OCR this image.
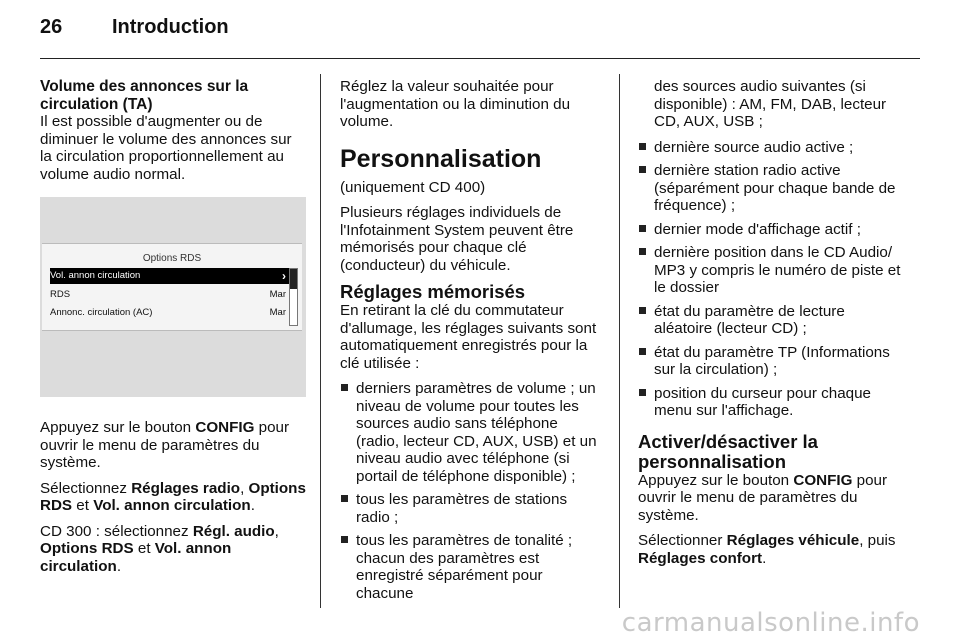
26 Introduction
Volume des annonces sur la circulation (TA)

Il est possible d'augmenter ou de diminuer le volume des annonces sur la circulation proportionnellement au volume audio normal.

Options RDS
Vol. annon circulation	›
RDS	Mar
Annonc. circulation (AC)	Mar

Appuyez sur le bouton CONFIG pour ouvrir le menu de paramètres du système.

Sélectionnez Réglages radio, Options RDS et Vol. annon circulation.

CD 300 : sélectionnez Régl. audio, Options RDS et Vol. annon circulation.

Réglez la valeur souhaitée pour l'augmentation ou la diminution du volume.

Personnalisation

(uniquement CD 400)

Plusieurs réglages individuels de l'Infotainment System peuvent être mémorisés pour chaque clé (conducteur) du véhicule.

Réglages mémorisés

En retirant la clé du commutateur d'allumage, les réglages suivants sont automatiquement enregistrés pour la clé utilisée :

derniers paramètres de volume ; un niveau de volume pour toutes les sources audio sans téléphone (radio, lecteur CD, AUX, USB) et un niveau audio avec téléphone (si portail de téléphone disponible) ;
tous les paramètres de stations radio ;
tous les paramètres de tonalité ; chacun des paramètres est enregistré séparément pour chacune

des sources audio suivantes (si disponible) : AM, FM, DAB, lecteur CD, AUX, USB ;

dernière source audio active ;
dernière station radio active (séparément pour chaque bande de fréquence) ;
dernier mode d'affichage actif ;
dernière position dans le CD Audio/ MP3 y compris le numéro de piste et le dossier
état du paramètre de lecture aléatoire (lecteur CD) ;
état du paramètre TP (Informations sur la circulation) ;
position du curseur pour chaque menu sur l'affichage.
Activer/désactiver la personnalisation

Appuyez sur le bouton CONFIG pour ouvrir le menu de paramètres du système.

Sélectionner Réglages véhicule, puis Réglages confort.

carmanualsonline.info
